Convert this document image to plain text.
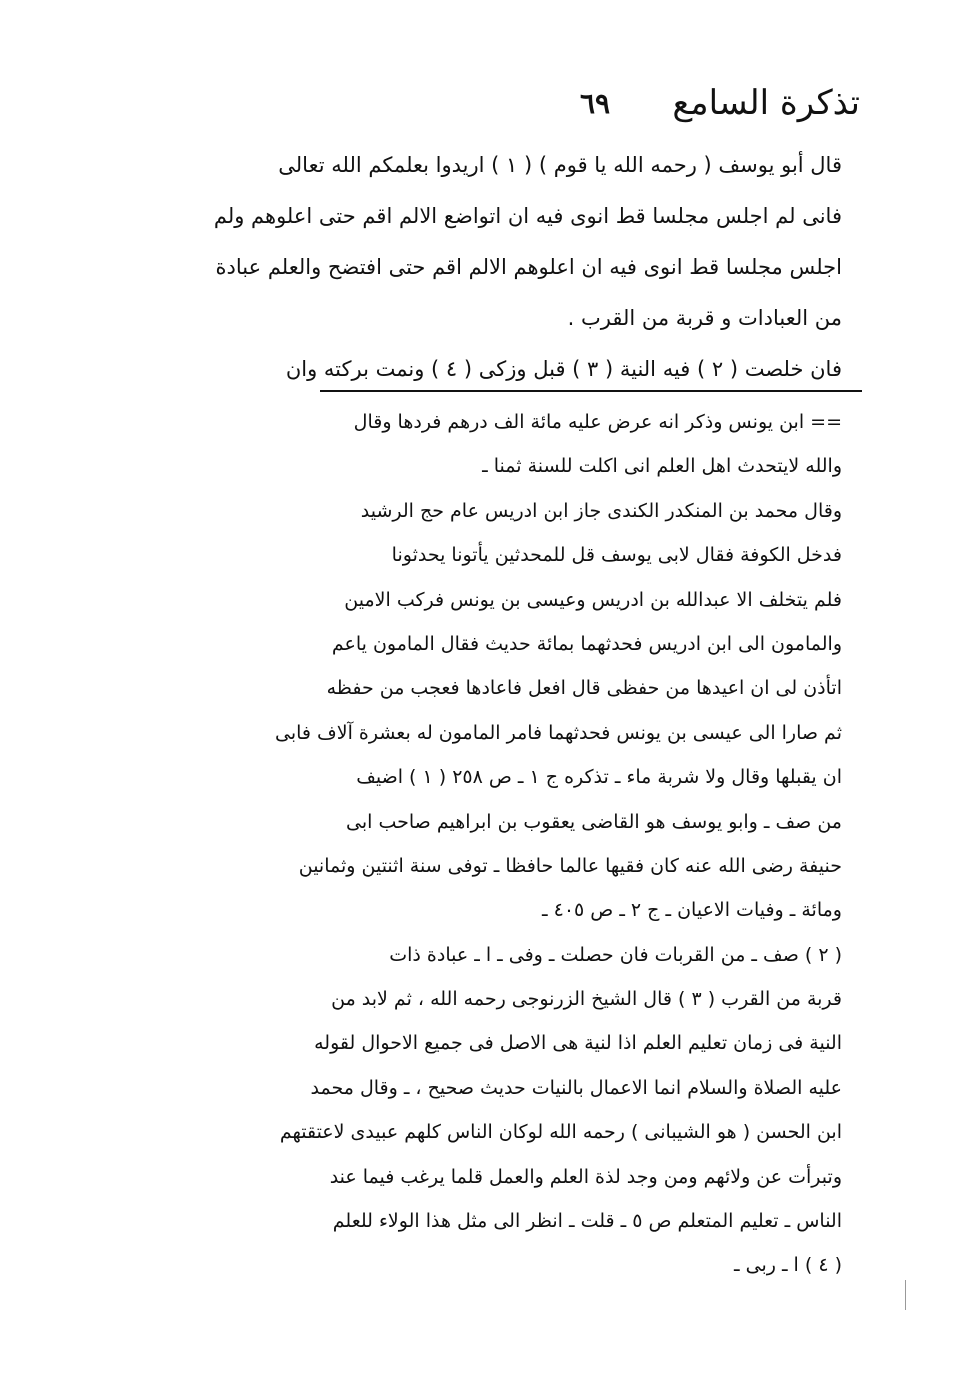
تذكرة السامع
٦٩
قال أبو يوسف ( رحمه الله يا قوم ) ( ١ ) اريدوا بعلمكم الله تعالى
فانى لم اجلس مجلسا قط انوى فيه ان اتواضع الالم اقم حتى اعلوهم ولم
اجلس مجلسا قط انوى فيه ان اعلوهم الالم اقم حتى افتضح والعلم عبادة
من العبادات و قربة من القرب .
فان خلصت ( ٢ ) فيه النية ( ٣ ) قبل وزكى ( ٤ ) ونمت بركته وان
== ابن يونس وذكر انه عرض عليه مائة الف درهم فردها وقال
والله لايتحدث اهل العلم انى اكلت للسنة ثمنا ـ
وقال محمد بن المنكدر الكندى جاز ابن ادريس عام حج الرشيد
فدخل الكوفة فقال لابى يوسف قل للمحدثين يأتونا يحدثونا
فلم يتخلف الا عبدالله بن ادريس وعيسى بن يونس فركب الامين
والمامون الى ابن ادريس فحدثهما بمائة حديث فقال المامون ياعم
اتأذن لى ان اعيدها من حفظى قال افعل فاعادها فعجب من حفظه
ثم صارا الى عيسى بن يونس فحدثهما فامر المامون له بعشرة آلاف فابى
ان يقبلها وقال ولا شربة ماء ـ تذكره ج ١ ـ ص ٢٥٨ ( ١ ) اضيف
من صف ـ وابو يوسف هو القاضى يعقوب بن ابراهيم صاحب ابى
حنيفة رضى الله عنه كان فقيها عالما حافظا ـ توفى سنة اثنتين وثمانين
ومائة ـ وفيات الاعيان ـ ج ٢ ـ ص ٤٠٥ ـ
( ٢ ) صف ـ من القربات فان حصلت ـ وفى ـ ا ـ عبادة ذات
قربة من القرب ( ٣ ) قال الشيخ الزرنوجى رحمه الله ، ثم لابد من
النية فى زمان تعليم العلم اذا لنية هى الاصل فى جميع الاحوال لقوله
عليه الصلاة والسلام انما الاعمال بالنيات حديث صحيح ، ـ وقال محمد
ابن الحسن ( هو الشيبانى ) رحمه الله لوكان الناس كلهم عبيدى لاعتقتهم
وتبرأت عن ولائهم ومن وجد لذة العلم والعمل قلما يرغب فيما عند
الناس ـ تعليم المتعلم ص ٥ ـ قلت ـ انظر الى مثل هذا الولاء للعلم
( ٤ ) ا ـ ربى ـ
